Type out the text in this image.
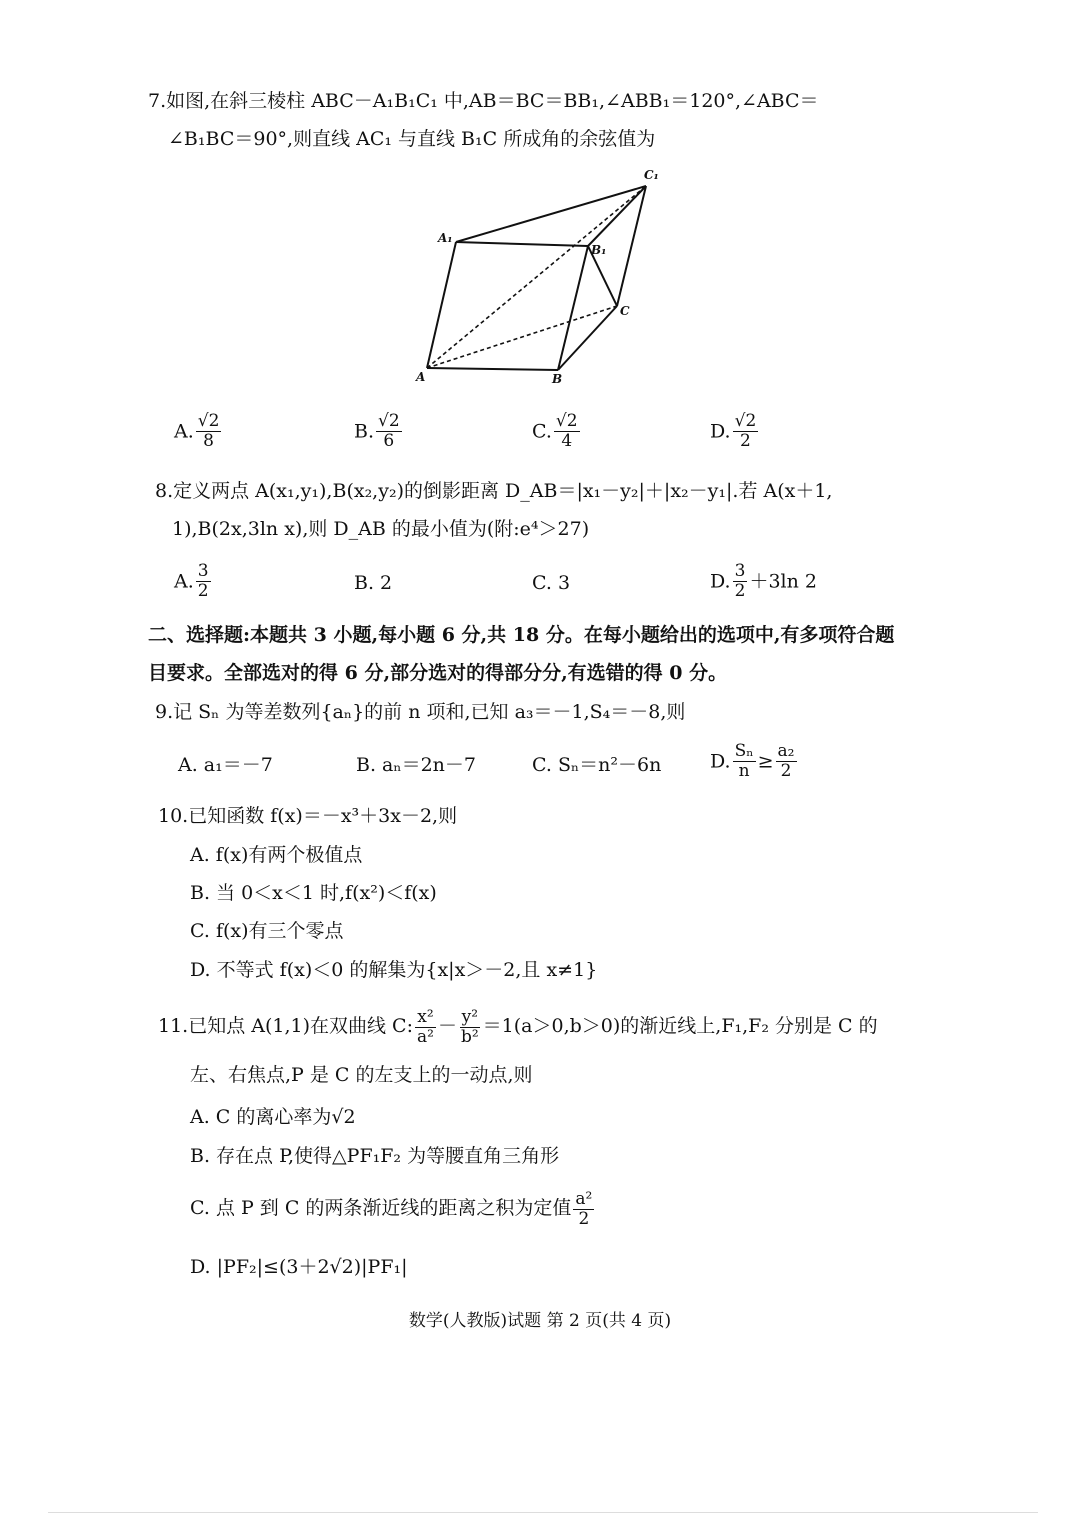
7.如图,在斜三棱柱 ABC－A₁B₁C₁ 中,AB＝BC＝BB₁,∠ABB₁＝120°,∠ABC＝
∠B₁BC＝90°,则直线 AC₁ 与直线 B₁C 所成角的余弦值为
C₁
A₁
B₁
C
A	B
A. $\frac{√2}{8}$	B. $\frac{√2}{6}$	C. $\frac{√2}{4}$	D. $\frac{√2}{2}$
8.定义两点 A(x₁,y₁),B(x₂,y₂)的倒影距离 D_AB＝|x₁－y₂|＋|x₂－y₁|.若 A(x＋1,
1),B(2x,3ln x),则 D_AB 的最小值为(附:e⁴＞27)
A. $\frac{3}{2}$	B. 2	C. 3	D. $\frac{3}{2} +3\ln$ 2
二、选择题:本题共 3 小题,每小题 6 分,共 18 分。在每小题给出的选项中,有多项符合题
目要求。全部选对的得 6 分,部分选对的得部分分,有选错的得 0 分。
9.记 Sₙ 为等差数列{aₙ}的前 n 项和,已知 a₃＝－1,S₄＝－8,则
A. a₁＝－7	B. aₙ＝2n－7	C. Sₙ＝n²－6n	D. $\frac{\text{Sₙ}}{n} \ge \frac{\text{a₂}}{2}$
10.已知函数 f(x)＝－x³＋3x－2,则
A. f(x)有两个极值点
B. 当 0＜x＜1 时,f(x²)＜f(x)
C. f(x)有三个零点
D. 不等式 f(x)＜0 的解集为{x|x＞－2,且 x≠1}
11.已知点 A(1,1)在双曲线 C: $\frac{\text{x²}}{\text{a²}} - \frac{\text{y²}}{\text{b²}} =1(a>0,b>0)$的渐近线上,F₁,F₂ 分别是 C 的
左、右焦点,P 是 C 的左支上的一动点,则
A. C 的离心率为√2
B. 存在点 P,使得△PF₁F₂ 为等腰直角三角形
C. 点 P 到 C 的两条渐近线的距离之积为定值 $\frac{\text{a²}}{2}$
D. |PF₂|≤(3＋2√2)|PF₁|
数学(人教版)试题 第 2 页(共 4 页)
